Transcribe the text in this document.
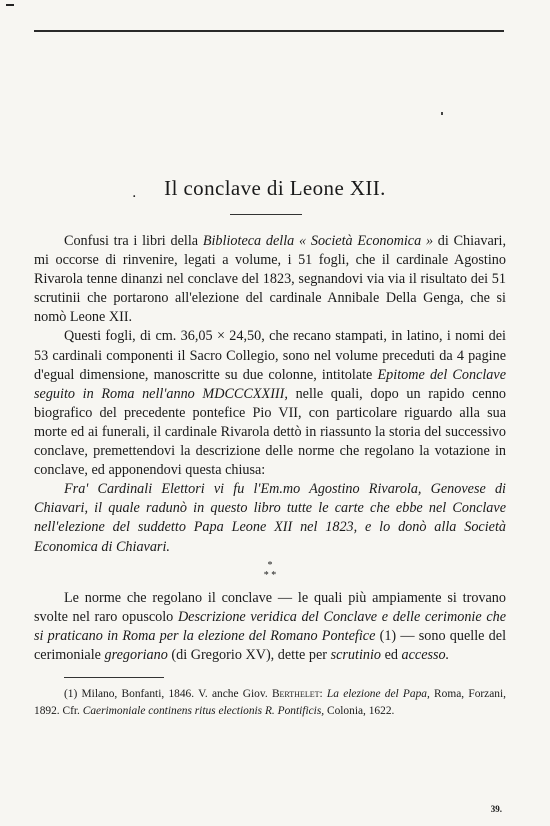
.	Il conclave di Leone XII.

Confusi tra i libri della Biblioteca della « Società Economica » di Chiavari, mi occorse di rinvenire, legati a volume, i 51 fogli, che il cardinale Agostino Rivarola tenne dinanzi nel conclave del 1823, segnandovi via via il risultato dei 51 scrutinii che portarono all'elezione del cardinale Annibale Della Genga, che si nomò Leone XII.

Questi fogli, di cm. 36,05 × 24,50, che recano stampati, in latino, i nomi dei 53 cardinali componenti il Sacro Collegio, sono nel volume preceduti da 4 pagine d'egual dimensione, manoscritte su due colonne, intitolate Epitome del Conclave seguito in Roma nell'anno MDCCCXXIII, nelle quali, dopo un rapido cenno biografico del precedente pontefice Pio VII, con particolare riguardo alla sua morte ed ai funerali, il cardinale Rivarola dettò in riassunto la storia del successivo conclave, premettendovi la descrizione delle norme che regolano la votazione in conclave, ed apponendovi questa chiusa:

Fra' Cardinali Elettori vi fu l'Em.mo Agostino Rivarola, Genovese di Chiavari, il quale radunò in questo libro tutte le carte che ebbe nel Conclave nell'elezione del suddetto Papa Leone XII nel 1823, e lo donò alla Società Economica di Chiavari.

*
* *

Le norme che regolano il conclave — le quali più ampiamente si trovano svolte nel raro opuscolo Descrizione veridica del Conclave e delle cerimonie che si praticano in Roma per la elezione del Romano Pontefice (1) — sono quelle del cerimoniale gregoriano (di Gregorio XV), dette per scrutinio ed accesso.

(1) Milano, Bonfanti, 1846. V. anche Giov. Berthelet: La elezione del Papa, Roma, Forzani, 1892. Cfr. Caerimoniale continens ritus electionis R. Pontificis, Colonia, 1622.

39.
